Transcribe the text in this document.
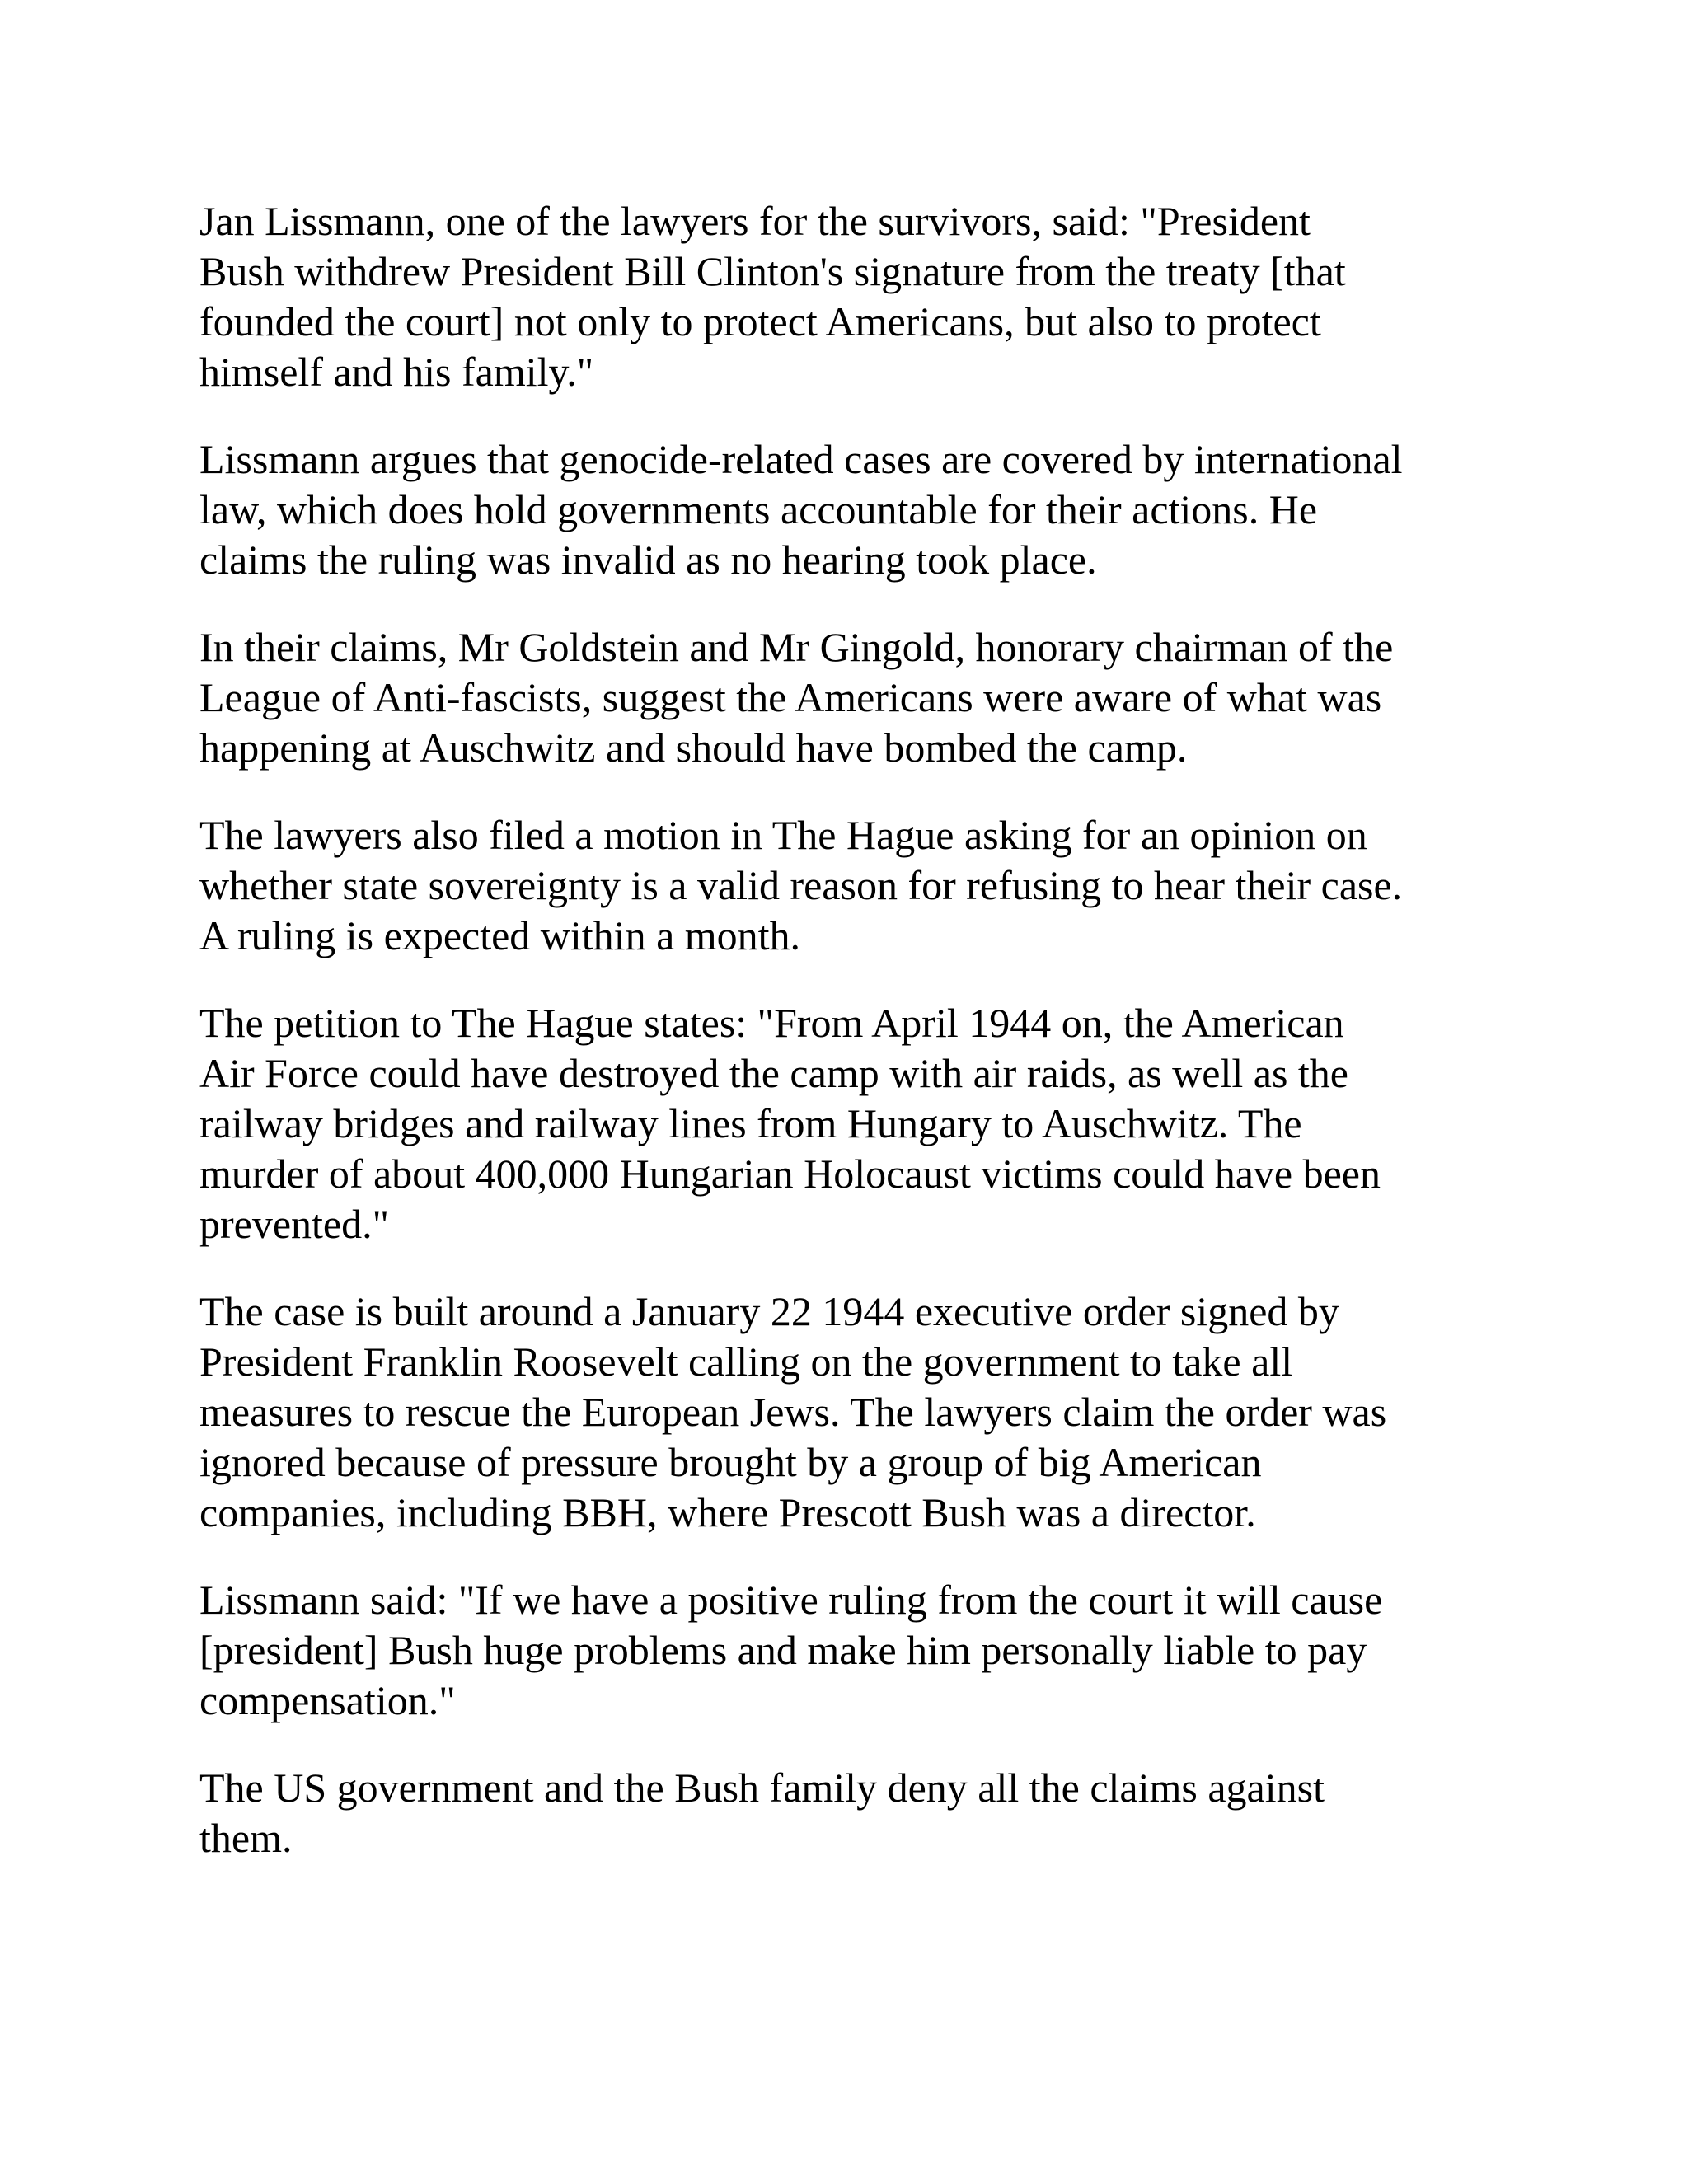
Jan Lissmann, one of the lawyers for the survivors, said: "President
Bush withdrew President Bill Clinton's signature from the treaty [that
founded the court] not only to protect Americans, but also to protect
himself and his family."

Lissmann argues that genocide-related cases are covered by international
law, which does hold governments accountable for their actions. He
claims the ruling was invalid as no hearing took place.

In their claims, Mr Goldstein and Mr Gingold, honorary chairman of the
League of Anti-fascists, suggest the Americans were aware of what was
happening at Auschwitz and should have bombed the camp.

The lawyers also filed a motion in The Hague asking for an opinion on
whether state sovereignty is a valid reason for refusing to hear their case.
A ruling is expected within a month.

The petition to The Hague states: "From April 1944 on, the American
Air Force could have destroyed the camp with air raids, as well as the
railway bridges and railway lines from Hungary to Auschwitz. The
murder of about 400,000 Hungarian Holocaust victims could have been
prevented."

The case is built around a January 22 1944 executive order signed by
President Franklin Roosevelt calling on the government to take all
measures to rescue the European Jews. The lawyers claim the order was
ignored because of pressure brought by a group of big American
companies, including BBH, where Prescott Bush was a director.

Lissmann said: "If we have a positive ruling from the court it will cause
[president] Bush huge problems and make him personally liable to pay
compensation."

The US government and the Bush family deny all the claims against
them.
